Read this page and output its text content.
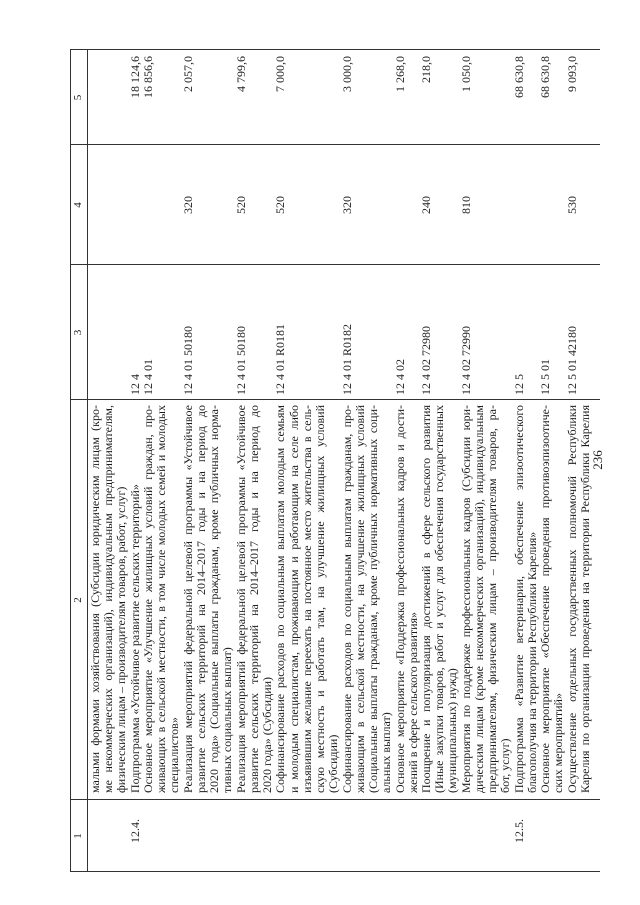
1
2
3
4
5
малыми формами хозяйствования (Субсидии юридическим лицам (кро- ме некоммерческих организаций), индивидуальным предпринимателям, физическим лицам – производителям товаров, работ, услуг) Подпрограмма «Устойчивое развитие сельских территорий»
12.4.
12 4
18 124,6
Основное мероприятие «Улучшение жилищных условий граждан, про-
12 4 01
16 856,6
живающих в сельской местности, в том числе молодых семей и молодых специалистов» Реализация мероприятий федеральной целевой программы «Устойчивое
12 4 01 50180
320
2 057,0
развитие сельских территорий на 2014–2017 годы и на период до 2020 года» (Социальные выплаты гражданам, кроме публичных норма- тивных социальных выплат) Реализация мероприятий федеральной целевой программы «Устойчивое
12 4 01 50180
520
4 799,6
развитие сельских территорий на 2014–2017 годы и на период до 2020 года» (Субсидии) Софинансирование расходов по социальным выплатам молодым семьям
12 4 01 R0181
520
7 000,0
и молодым специалистам, проживающим и работающим на селе либо изъявившим желание переехать на постоянное место жительства в сель- скую местность и работать там, на улучшение жилищных условий (Субсидии) Софинансирование расходов по социальным выплатам гражданам, про-
12 4 01 R0182
320
3 000,0
живающим в сельской местности, на улучшение жилищных условий (Социальные выплаты гражданам, кроме публичных нормативных соци- альных выплат) Основное мероприятие «Поддержка профессиональных кадров и дости-
12 4 02
1 268,0
жений в сфере сельского развития» Поощрение и популяризация достижений в сфере сельского развития
12 4 02 72980
240
218,0
(Иные закупки товаров, работ и услуг для обеспечения государственных (муниципальных) нужд) Мероприятия по поддержке профессиональных кадров (Субсидии юри-
12 4 02 72990
810
1 050,0
дическим лицам (кроме некоммерческих организаций), индивидуальным предпринимателям, физическим лицам – производителям товаров, ра- бот, услуг) Подпрограмма «Развитие ветеринарии, обеспечение эпизоотического
12.5.
12 5
68 630,8
благополучия на территории Республики Карелия» Основное мероприятие «Обеспечение проведения противоэпизоотиче-
12 5 01
68 630,8
ских мероприятий» Осуществление отдельных государственных полномочий Республики
12 5 01 42180
530
9 093,0
Карелия по организации проведения на территории Республики Карелия
236
